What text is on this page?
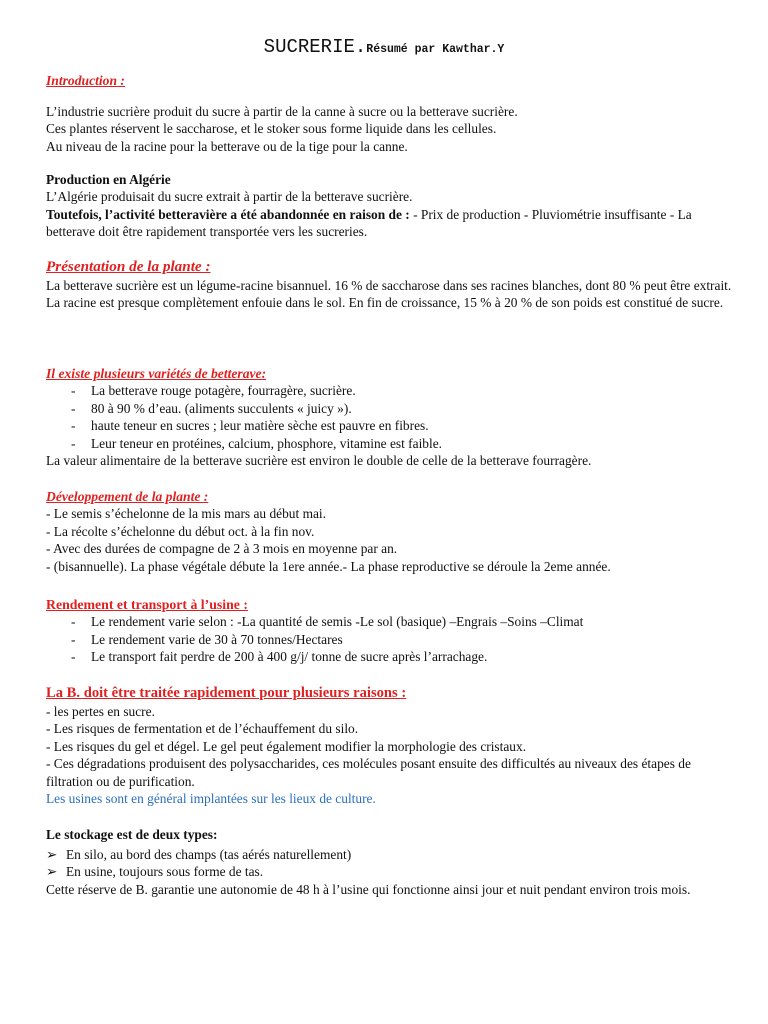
SUCRERIE.Résumé par Kawthar.Y

Introduction :

L’industrie sucrière produit du sucre à partir de la canne à sucre ou la betterave sucrière.

Ces plantes réservent le saccharose, et le stoker sous forme liquide dans les cellules.

Au niveau de la racine pour la betterave ou de la tige pour la canne.

Production en Algérie

L’Algérie produisait du sucre extrait à partir de la betterave sucrière.

Toutefois, l’activité betteravière a été abandonnée en raison de : - Prix de production - Pluviométrie insuffisante - La betterave doit être rapidement transportée vers les sucreries.

Présentation de la plante :

La betterave sucrière est un légume-racine bisannuel. 16 % de saccharose dans ses racines blanches, dont 80 % peut être extrait.

La racine est presque complètement enfouie dans le sol. En fin de croissance, 15 % à 20 % de son poids est constitué de sucre.

Il existe plusieurs variétés de betterave:

- La betterave rouge potagère, fourragère, sucrière.
- 80 à 90 % d’eau. (aliments succulents « juicy »).
- haute teneur en sucres ; leur matière sèche est pauvre en fibres.
- Leur teneur en protéines, calcium, phosphore, vitamine est faible.

La valeur alimentaire de la betterave sucrière est environ le double de celle de la betterave fourragère.

Développement de la plante :

- Le semis s’échelonne de la mis mars au début mai.

- La récolte s’échelonne du début oct. à la fin nov.

- Avec des durées de compagne de 2 à 3 mois en moyenne par an.

- (bisannuelle). La phase végétale débute la 1ere année.- La phase reproductive se déroule la 2eme année.

Rendement et transport à l’usine :

- Le rendement varie selon : -La quantité de semis -Le sol (basique) –Engrais –Soins –Climat
- Le rendement varie de 30 à 70 tonnes/Hectares
- Le transport fait perdre de 200 à 400 g/j/ tonne de sucre après l’arrachage.

La B. doit être traitée rapidement pour plusieurs raisons :

- les pertes en sucre.

- Les risques de fermentation et de l’échauffement du silo.

- Les risques du gel et dégel. Le gel peut également modifier la morphologie des cristaux.

- Ces dégradations produisent des polysaccharides, ces molécules posant ensuite des difficultés au niveaux des étapes de filtration ou de purification.

Les usines sont en général implantées sur les lieux de culture.

Le stockage est de deux types:

➢ En silo, au bord des champs (tas aérés naturellement)

➢ En usine, toujours sous forme de tas.

Cette réserve de B. garantie une autonomie de 48 h à l’usine qui fonctionne ainsi jour et nuit pendant environ trois mois.
